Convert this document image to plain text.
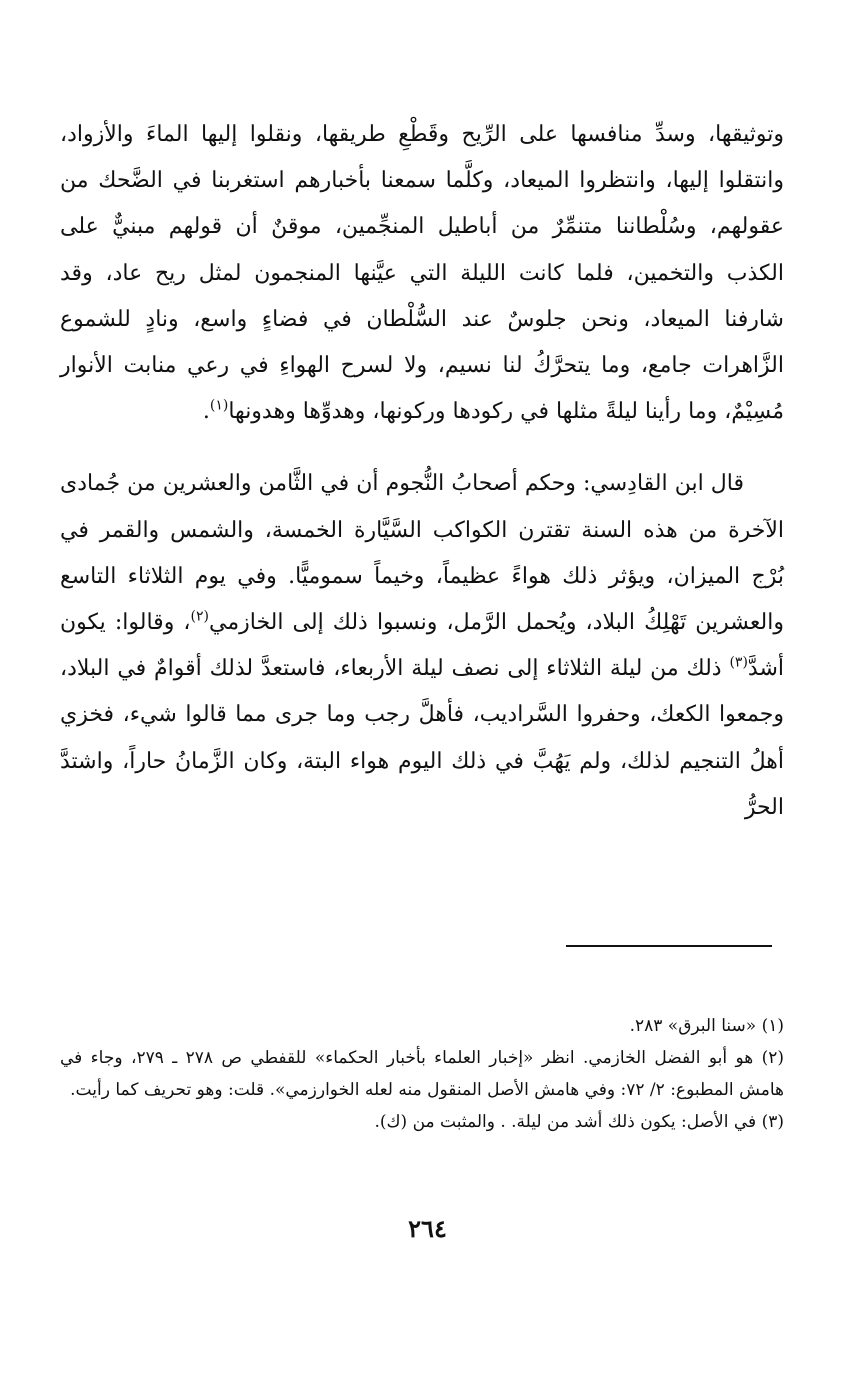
وتوثيقها، وسدِّ منافسها على الرِّيح وقَطْعِ طريقها، ونقلوا إليها الماءَ والأزواد، وانتقلوا إليها، وانتظروا الميعاد، وكلَّما سمعنا بأخبارهم استغربنا في الضَّحك من عقولهم، وسُلْطاننا متنمِّرٌ من أباطيل المنجِّمين، موقنٌ أن قولهم مبنيٌّ على الكذب والتخمين، فلما كانت الليلة التي عيَّنها المنجمون لمثل ريح عاد، وقد شارفنا الميعاد، ونحن جلوسٌ عند السُّلْطان في فضاءٍ واسع، ونادٍ للشموع الزَّاهرات جامع، وما يتحرَّكُ لنا نسيم، ولا لسرح الهواءِ في رعي منابت الأنوار مُسِيْمٌ، وما رأينا ليلةً مثلها في ركودها وركونها، وهدوِّها وهدونها$^{(١)}$.

قال ابن القادِسي: وحكم أصحابُ النُّجوم أن في الثَّامن والعشرين من جُمادى الآخرة من هذه السنة تقترن الكواكب السَّيَّارة الخمسة، والشمس والقمر في بُرْج الميزان، ويؤثر ذلك هواءً عظيماً، وخيماً سموميًّا. وفي يوم الثلاثاء التاسع والعشرين تَهْلِكُ البلاد، ويُحمل الرَّمل، ونسبوا ذلك إلى الخازمي$^{(٢)}$، وقالوا: يكون أشدَّ$^{(٣)}$ ذلك من ليلة الثلاثاء إلى نصف ليلة الأربعاء، فاستعدَّ لذلك أقوامٌ في البلاد، وجمعوا الكعك، وحفروا السَّراديب، فأهلَّ رجب وما جرى مما قالوا شيء، فخزي أهلُ التنجيم لذلك، ولم يَهُبَّ في ذلك اليوم هواء البتة، وكان الزَّمانُ حاراً، واشتدَّ الحرُّ

(١) «سنا البرق» ٢٨٣.

(٢) هو أبو الفضل الخازمي. انظر «إخبار العلماء بأخبار الحكماء» للقفطي ص ٢٧٨ ـ ٢٧٩، وجاء في هامش المطبوع: ٢/ ٧٢: وفي هامش الأصل المنقول منه لعله الخوارزمي». قلت: وهو تحريف كما رأيت.

(٣) في الأصل: يكون ذلك أشد من ليلة. . والمثبت من (ك).

٢٦٤
